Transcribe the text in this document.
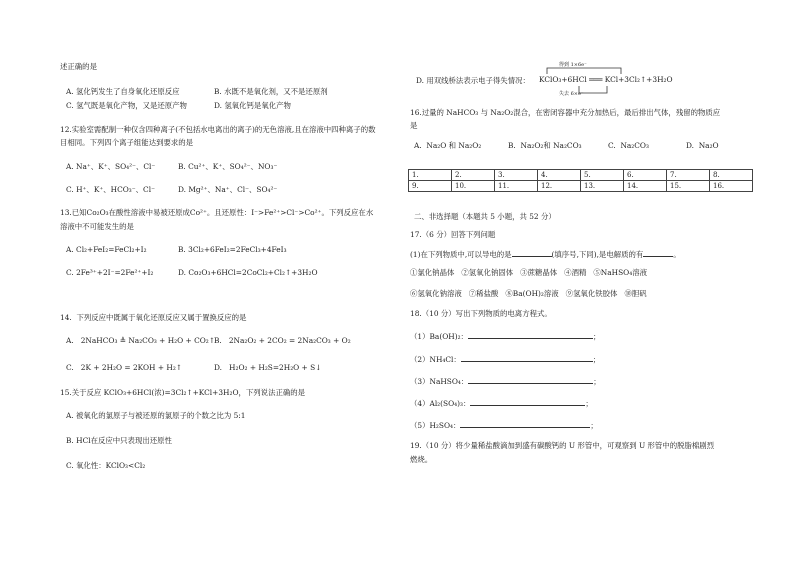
述正确的是
A. 氢化钙发生了自身氧化还原反应	B. 水既不是氧化剂，又不是还原剂
C. 氢气既是氧化产物，又是还原产物	D. 氢氧化钙是氧化产物
12.实验室需配制一种仅含四种离子(不包括水电离出的离子)的无色溶液,且在溶液中四种离子的数
目相同。下列四个离子组能达到要求的是
A. Na⁺、K⁺、SO₄²⁻、Cl⁻	B. Cu²⁺、K⁺、SO₄²⁻、NO₃⁻
C. H⁺、K⁺、HCO₃⁻、Cl⁻	D. Mg²⁺、Na⁺、Cl⁻、SO₄²⁻
13.已知Co₂O₃在酸性溶液中易被还原成Co²⁺。且还原性：I⁻>Fe²⁺>Cl⁻>Co²⁺。下列反应在水
溶液中不可能发生的是
A. Cl₂+FeI₂=FeCl₂+I₂	B. 3Cl₂+6FeI₂=2FeCl₃+4FeI₃
C. 2Fe³⁺+2I⁻=2Fe²⁺+I₂	D. Co₂O₃+6HCl=2CoCl₂+Cl₂↑+3H₂O
14.  下列反应中既属于氧化还原反应又属于置换反应的是
A.   2NaHCO₃ ≜ Na₂CO₃ + H₂O + CO₂↑ B.   2Na₂O₂ + 2CO₂ = 2Na₂CO₃ + O₂
C.   2K + 2H₂O = 2KOH + H₂↑	D.   H₂O₂ + H₂S=2H₂O + S↓
15.关于反应 KClO₃+6HCl(浓)=3Cl₂↑+KCl+3H₂O，下列说法正确的是
A. 被氧化的氯原子与被还原的氯原子的个数之比为 5:1
B. HCl在反应中只表现出还原性
C. 氧化性：KClO₃<Cl₂
D. 用双线桥法表示电子得失情况：
得到 1×6e⁻
KClO₃+6HCl ═══ KCl+3Cl₂↑+3H₂O
失去 6×e⁻
16.过量的 NaHCO₃ 与 Na₂O₂混合，在密闭容器中充分加热后，最后排出气体，残留的物质应
是
A.  Na₂O 和 Na₂O₂	B.  Na₂O₂和 Na₂CO₃	C.  Na₂CO₃	D.  Na₂O
1.	2.	3.	4.	5.	6.	7.	8.
9.	10.	11.	12.	13.	14.	15.	16.
二、非选择题（本题共 5 小题，共 52 分）
17.（6 分）回答下列问题
(1)在下列物质中,可以导电的是	(填序号,下同),是电解质的有	。
①氯化钠晶体   ②氢氧化钠固体   ③蔗糖晶体   ④酒精   ⑤NaHSO₄溶液
⑥氢氧化钠溶液   ⑦稀盐酸   ⑧Ba(OH)₂溶液   ⑨氢氧化铁胶体   ⑩胆矾
18.（10 分）写出下列物质的电离方程式。
（1）Ba(OH)₂：	；
（2）NH₄Cl：	；
（3）NaHSO₄：	；
（4）Al₂(SO₄)₃：	；
（5）H₂SO₄：	；
19.（10 分）将少量稀盐酸滴加到盛有碳酸钙的 U 形管中，可观察到 U 形管中的脱脂棉剧烈
燃烧。
